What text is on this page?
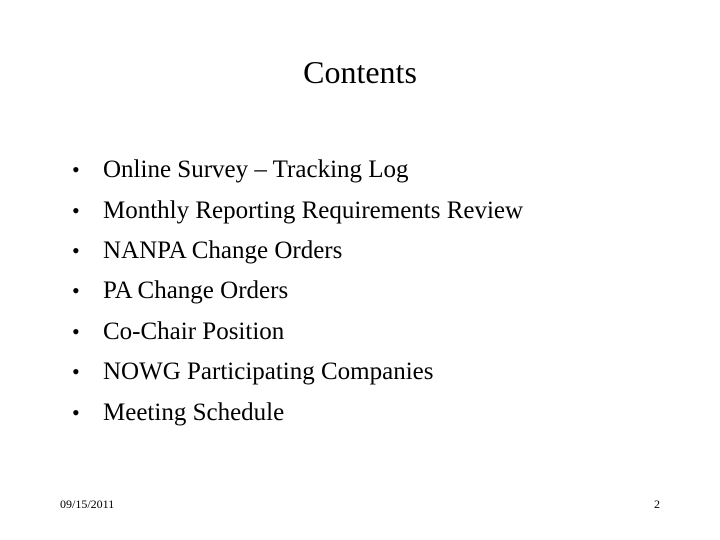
Contents
• Online Survey – Tracking Log
• Monthly Reporting Requirements Review
• NANPA Change Orders
• PA Change Orders
• Co-Chair Position
• NOWG Participating Companies
• Meeting Schedule
09/15/2011	2
